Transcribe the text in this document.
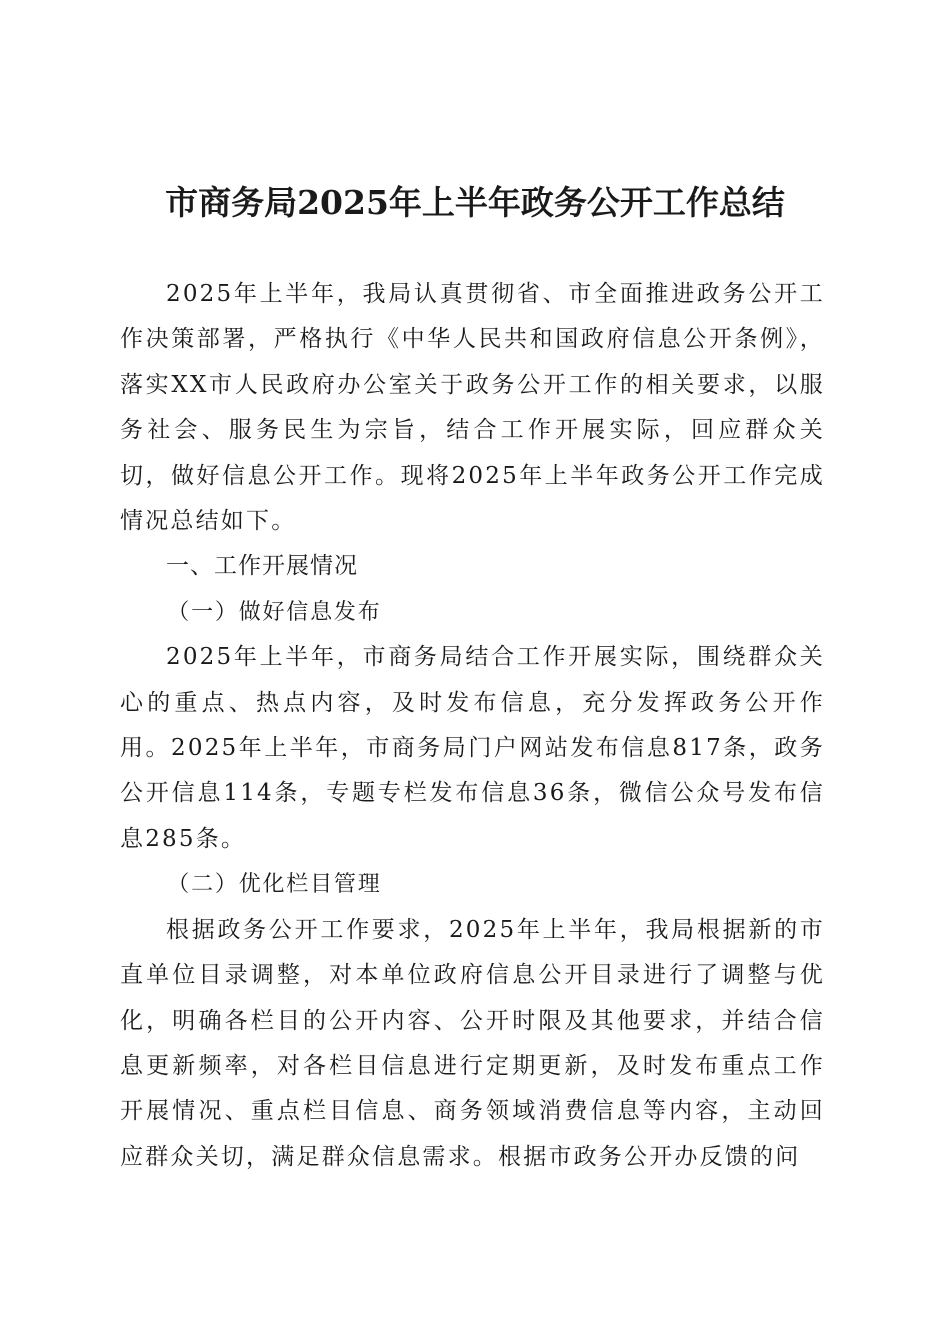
市商务局2025年上半年政务公开工作总结

2025年上半年，我局认真贯彻省、市全面推进政务公开工作决策部署，严格执行《中华人民共和国政府信息公开条例》，落实XX市人民政府办公室关于政务公开工作的相关要求，以服务社会、服务民生为宗旨，结合工作开展实际，回应群众关切，做好信息公开工作。现将2025年上半年政务公开工作完成情况总结如下。

一、工作开展情况

（一）做好信息发布

2025年上半年，市商务局结合工作开展实际，围绕群众关心的重点、热点内容，及时发布信息，充分发挥政务公开作用。2025年上半年，市商务局门户网站发布信息817条，政务公开信息114条，专题专栏发布信息36条，微信公众号发布信息285条。

（二）优化栏目管理

根据政务公开工作要求，2025年上半年，我局根据新的市直单位目录调整，对本单位政府信息公开目录进行了调整与优化，明确各栏目的公开内容、公开时限及其他要求，并结合信息更新频率，对各栏目信息进行定期更新，及时发布重点工作开展情况、重点栏目信息、商务领域消费信息等内容，主动回应群众关切，满足群众信息需求。根据市政务公开办反馈的问
